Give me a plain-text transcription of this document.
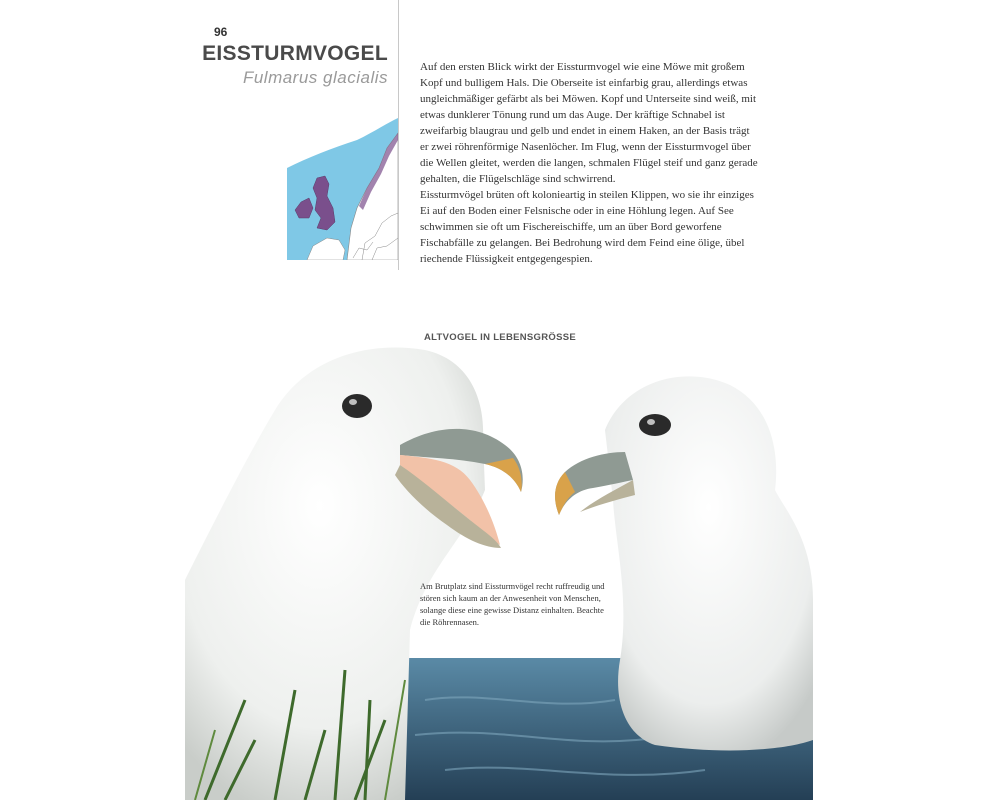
96
EISSTURMVOGEL
Fulmarus glacialis

Auf den ersten Blick wirkt der Eissturmvogel wie eine Möwe mit großem Kopf und bulligem Hals. Die Oberseite ist einfarbig grau, allerdings etwas ungleichmäßiger gefärbt als bei Möwen. Kopf und Unterseite sind weiß, mit etwas dunklerer Tönung rund um das Auge. Der kräftige Schnabel ist zweifarbig blaugrau und gelb und endet in einem Haken, an der Basis trägt er zwei röhrenförmige Nasenlöcher. Im Flug, wenn der Eissturmvogel über die Wellen gleitet, werden die langen, schmalen Flügel steif und ganz gerade gehalten, die Flügelschläge sind schwirrend.

Eissturmvögel brüten oft kolonieartig in steilen Klippen, wo sie ihr einziges Ei auf den Boden einer Felsnische oder in eine Höhlung legen. Auf See schwimmen sie oft um Fischereischiffe, um an über Bord geworfene Fischabfälle zu gelangen. Bei Bedrohung wird dem Feind eine ölige, übel riechende Flüssigkeit entgegengespien.

ALTVOGEL IN LEBENSGRÖSSE
Am Brutplatz sind Eissturmvögel recht ruffreudig und stören sich kaum an der Anwesenheit von Menschen, solange diese eine gewisse Distanz einhalten. Beachte die Röhrennasen.
